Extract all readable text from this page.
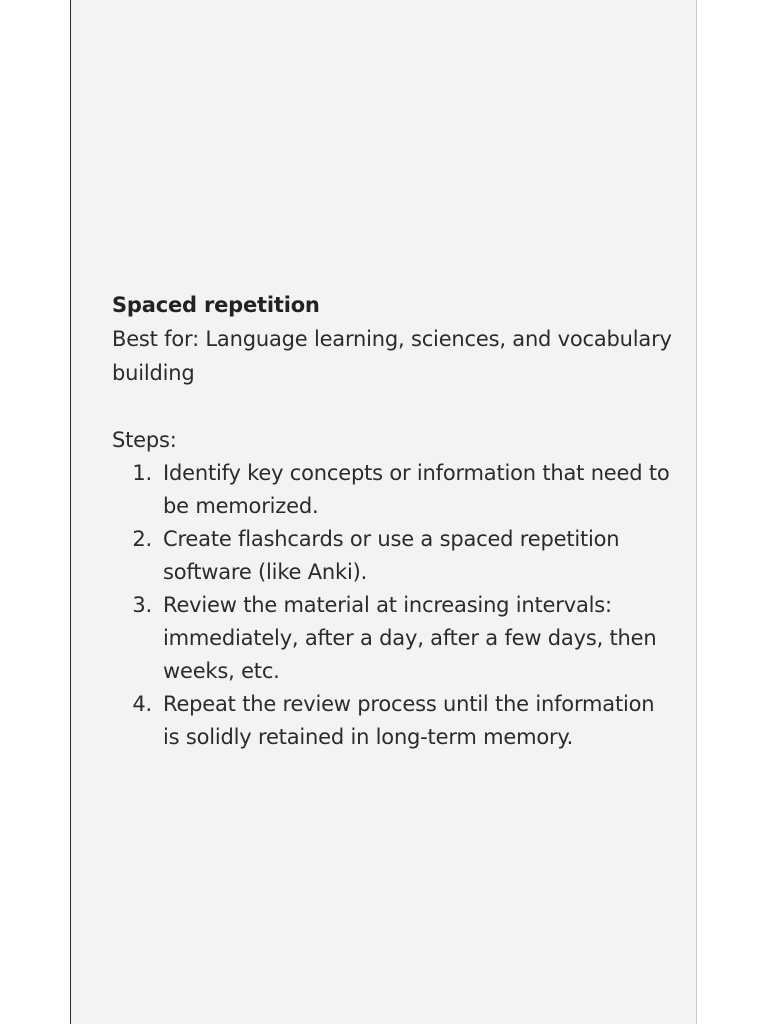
Spaced repetition

Best for: Language learning, sciences, and vocabulary building

Steps:

1. Identify key concepts or information that need to be memorized.
2. Create flashcards or use a spaced repetition software (like Anki).
3. Review the material at increasing intervals: immediately, after a day, after a few days, then weeks, etc.
4. Repeat the review process until the information is solidly retained in long-term memory.
